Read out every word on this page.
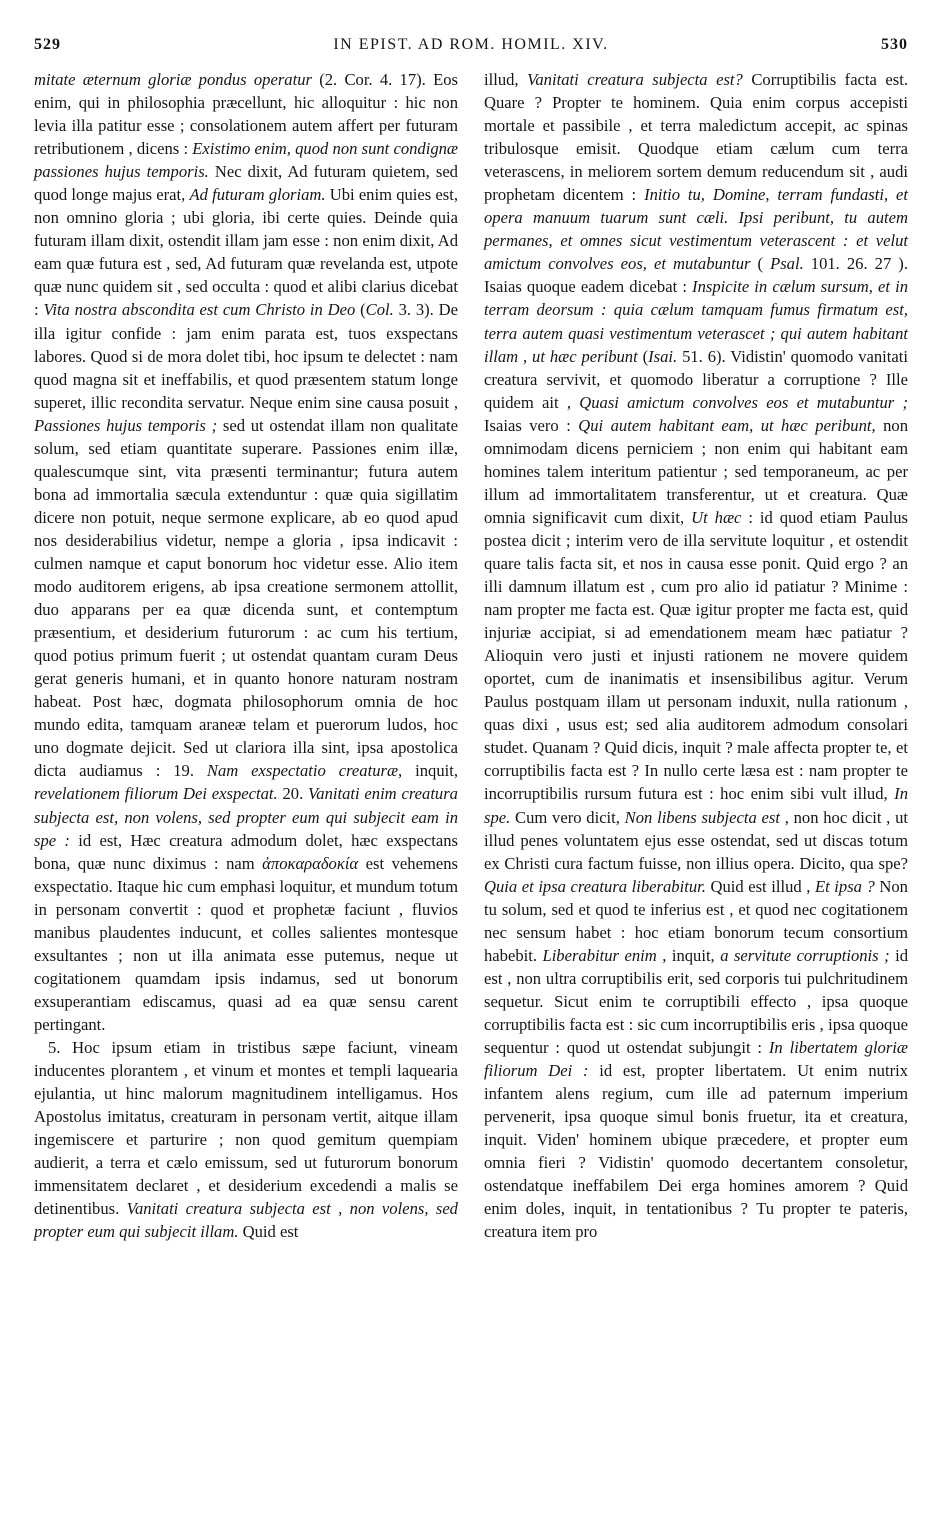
529	IN EPIST. AD ROM. HOMIL. XIV.	530

mitate æternum gloriæ pondus operatur (2. Cor. 4. 17). Eos enim, qui in philosophia præcellunt, hic alloquitur : hic non levia illa patitur esse ; consolationem autem affert per futuram retributionem , dicens : Existimo enim, quod non sunt condignæ passiones hujus temporis. Nec dixit, Ad futuram quietem, sed quod longe majus erat, Ad futuram gloriam. Ubi enim quies est, non omnino gloria ; ubi gloria, ibi certe quies. Deinde quia futuram illam dixit, ostendit illam jam esse : non enim dixit, Ad eam quæ futura est , sed, Ad futuram quæ revelanda est, utpote quæ nunc quidem sit , sed occulta : quod et alibi clarius dicebat : Vita nostra abscondita est cum Christo in Deo (Col. 3. 3). De illa igitur confide : jam enim parata est, tuos exspectans labores. Quod si de mora dolet tibi, hoc ipsum te delectet : nam quod magna sit et ineffabilis, et quod præsentem statum longe superet, illic recondita servatur. Neque enim sine causa posuit , Passiones hujus temporis ; sed ut ostendat illam non qualitate solum, sed etiam quantitate superare. Passiones enim illæ, qualescumque sint, vita præsenti terminantur; futura autem bona ad immortalia sæcula extenduntur : quæ quia sigillatim dicere non potuit, neque sermone explicare, ab eo quod apud nos desiderabilius videtur, nempe a gloria , ipsa indicavit : culmen namque et caput bonorum hoc videtur esse. Alio item modo auditorem erigens, ab ipsa creatione sermonem attollit, duo apparans per ea quæ dicenda sunt, et contemptum præsentium, et desiderium futurorum : ac cum his tertium, quod potius primum fuerit ; ut ostendat quantam curam Deus gerat generis humani, et in quanto honore naturam nostram habeat. Post hæc, dogmata philosophorum omnia de hoc mundo edita, tamquam araneæ telam et puerorum ludos, hoc uno dogmate dejicit. Sed ut clariora illa sint, ipsa apostolica dicta audiamus : 19. Nam exspectatio creaturæ, inquit, revelationem filiorum Dei exspectat. 20. Vanitati enim creatura subjecta est, non volens, sed propter eum qui subjecit eam in spe : id est, Hæc creatura admodum dolet, hæc exspectans bona, quæ nunc diximus : nam ἀποκαραδοκία est vehemens exspectatio. Itaque hic cum emphasi loquitur, et mundum totum in personam convertit : quod et prophetæ faciunt , fluvios manibus plaudentes inducunt, et colles salientes montesque exsultantes ; non ut illa animata esse putemus, neque ut cogitationem quamdam ipsis indamus, sed ut bonorum exsuperantiam ediscamus, quasi ad ea quæ sensu carent pertingant.

5. Hoc ipsum etiam in tristibus sæpe faciunt, vineam inducentes plorantem , et vinum et montes et templi laquearia ejulantia, ut hinc malorum magnitudinem intelligamus. Hos Apostolus imitatus, creaturam in personam vertit, aitque illam ingemiscere et parturire ; non quod gemitum quempiam audierit, a terra et cælo emissum, sed ut futurorum bonorum immensitatem declaret , et desiderium excedendi a malis se detinentibus. Vanitati creatura subjecta est , non volens, sed propter eum qui subjecit illam. Quid est

illud, Vanitati creatura subjecta est? Corruptibilis facta est. Quare ? Propter te hominem. Quia enim corpus accepisti mortale et passibile , et terra maledictum accepit, ac spinas tribulosque emisit. Quodque etiam cælum cum terra veterascens, in meliorem sortem demum reducendum sit , audi prophetam dicentem : Initio tu, Domine, terram fundasti, et opera manuum tuarum sunt cæli. Ipsi peribunt, tu autem permanes, et omnes sicut vestimentum veterascent : et velut amictum convolves eos, et mutabuntur ( Psal. 101. 26. 27 ). Isaias quoque eadem dicebat : Inspicite in cælum sursum, et in terram deorsum : quia cælum tamquam fumus firmatum est, terra autem quasi vestimentum veterascet ; qui autem habitant illam , ut hæc peribunt (Isai. 51. 6). Vidistin' quomodo vanitati creatura servivit, et quomodo liberatur a corruptione ? Ille quidem ait , Quasi amictum convolves eos et mutabuntur ; Isaias vero : Qui autem habitant eam, ut hæc peribunt, non omnimodam dicens perniciem ; non enim qui habitant eam homines talem interitum patientur ; sed temporaneum, ac per illum ad immortalitatem transferentur, ut et creatura. Quæ omnia significavit cum dixit, Ut hæc : id quod etiam Paulus postea dicit ; interim vero de illa servitute loquitur , et ostendit quare talis facta sit, et nos in causa esse ponit. Quid ergo ? an illi damnum illatum est , cum pro alio id patiatur ? Minime : nam propter me facta est. Quæ igitur propter me facta est, quid injuriæ accipiat, si ad emendationem meam hæc patiatur ? Alioquin vero justi et injusti rationem ne movere quidem oportet, cum de inanimatis et insensibilibus agitur. Verum Paulus postquam illam ut personam induxit, nulla rationum , quas dixi , usus est; sed alia auditorem admodum consolari studet. Quanam ? Quid dicis, inquit ? male affecta propter te, et corruptibilis facta est ? In nullo certe læsa est : nam propter te incorruptibilis rursum futura est : hoc enim sibi vult illud, In spe. Cum vero dicit, Non libens subjecta est , non hoc dicit , ut illud penes voluntatem ejus esse ostendat, sed ut discas totum ex Christi cura factum fuisse, non illius opera. Dicito, qua spe? Quia et ipsa creatura liberabitur. Quid est illud , Et ipsa ? Non tu solum, sed et quod te inferius est , et quod nec cogitationem nec sensum habet : hoc etiam bonorum tecum consortium habebit. Liberabitur enim , inquit, a servitute corruptionis ; id est , non ultra corruptibilis erit, sed corporis tui pulchritudinem sequetur. Sicut enim te corruptibili effecto , ipsa quoque corruptibilis facta est : sic cum incorruptibilis eris , ipsa quoque sequentur : quod ut ostendat subjungit : In libertatem gloriæ filiorum Dei : id est, propter libertatem. Ut enim nutrix infantem alens regium, cum ille ad paternum imperium pervenerit, ipsa quoque simul bonis fruetur, ita et creatura, inquit. Viden' hominem ubique præcedere, et propter eum omnia fieri ? Vidistin' quomodo decertantem consoletur, ostendatque ineffabilem Dei erga homines amorem ? Quid enim doles, inquit, in tentationibus ? Tu propter te pateris, creatura item pro
